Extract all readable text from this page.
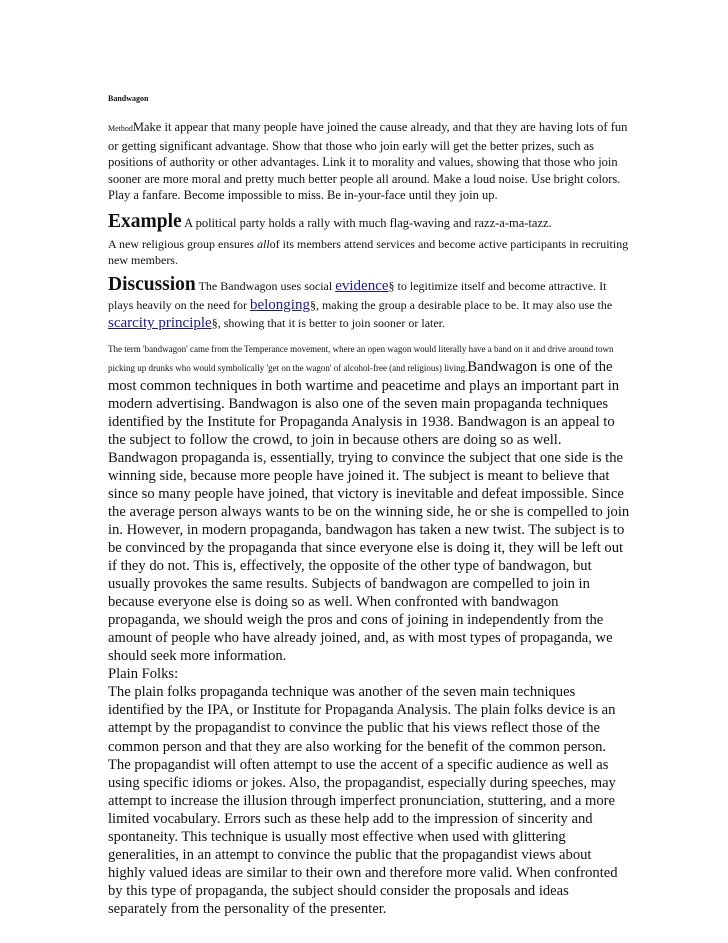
Bandwagon

MethodMake it appear that many people have joined the cause already, and that they are having lots of fun or getting significant advantage. Show that those who join early will get the better prizes, such as positions of authority or other advantages. Link it to morality and values, showing that those who join sooner are more moral and pretty much better people all around. Make a loud noise. Use bright colors. Play a fanfare. Become impossible to miss. Be in-your-face until they join up.

Example A political party holds a rally with much flag-waving and razz-a-ma-tazz.

A new religious group ensures allof its members attend services and become active participants in recruiting new members.

Discussion The Bandwagon uses social evidence§ to legitimize itself and become attractive. It plays heavily on the need for belonging§, making the group a desirable place to be. It may also use the scarcity principle§, showing that it is better to join sooner or later.

The term 'bandwagon' came from the Temperance movement, where an open wagon would literally have a band on it and drive around town picking up drunks who would symbolically 'get on the wagon' of alcohol-free (and religious) living.Bandwagon is one of the most common techniques in both wartime and peacetime and plays an important part in modern advertising. Bandwagon is also one of the seven main propaganda techniques identified by the Institute for Propaganda Analysis in 1938. Bandwagon is an appeal to the subject to follow the crowd, to join in because others are doing so as well. Bandwagon propaganda is, essentially, trying to convince the subject that one side is the winning side, because more people have joined it. The subject is meant to believe that since so many people have joined, that victory is inevitable and defeat impossible. Since the average person always wants to be on the winning side, he or she is compelled to join in. However, in modern propaganda, bandwagon has taken a new twist. The subject is to be convinced by the propaganda that since everyone else is doing it, they will be left out if they do not. This is, effectively, the opposite of the other type of bandwagon, but usually provokes the same results. Subjects of bandwagon are compelled to join in because everyone else is doing so as well. When confronted with bandwagon propaganda, we should weigh the pros and cons of joining in independently from the amount of people who have already joined, and, as with most types of propaganda, we should seek more information.

Plain Folks:

The plain folks propaganda technique was another of the seven main techniques identified by the IPA, or Institute for Propaganda Analysis. The plain folks device is an attempt by the propagandist to convince the public that his views reflect those of the common person and that they are also working for the benefit of the common person. The propagandist will often attempt to use the accent of a specific audience as well as using specific idioms or jokes. Also, the propagandist, especially during speeches, may attempt to increase the illusion through imperfect pronunciation, stuttering, and a more limited vocabulary. Errors such as these help add to the impression of sincerity and spontaneity. This technique is usually most effective when used with glittering generalities, in an attempt to convince the public that the propagandist views about highly valued ideas are similar to their own and therefore more valid. When confronted by this type of propaganda, the subject should consider the proposals and ideas separately from the personality of the presenter.
